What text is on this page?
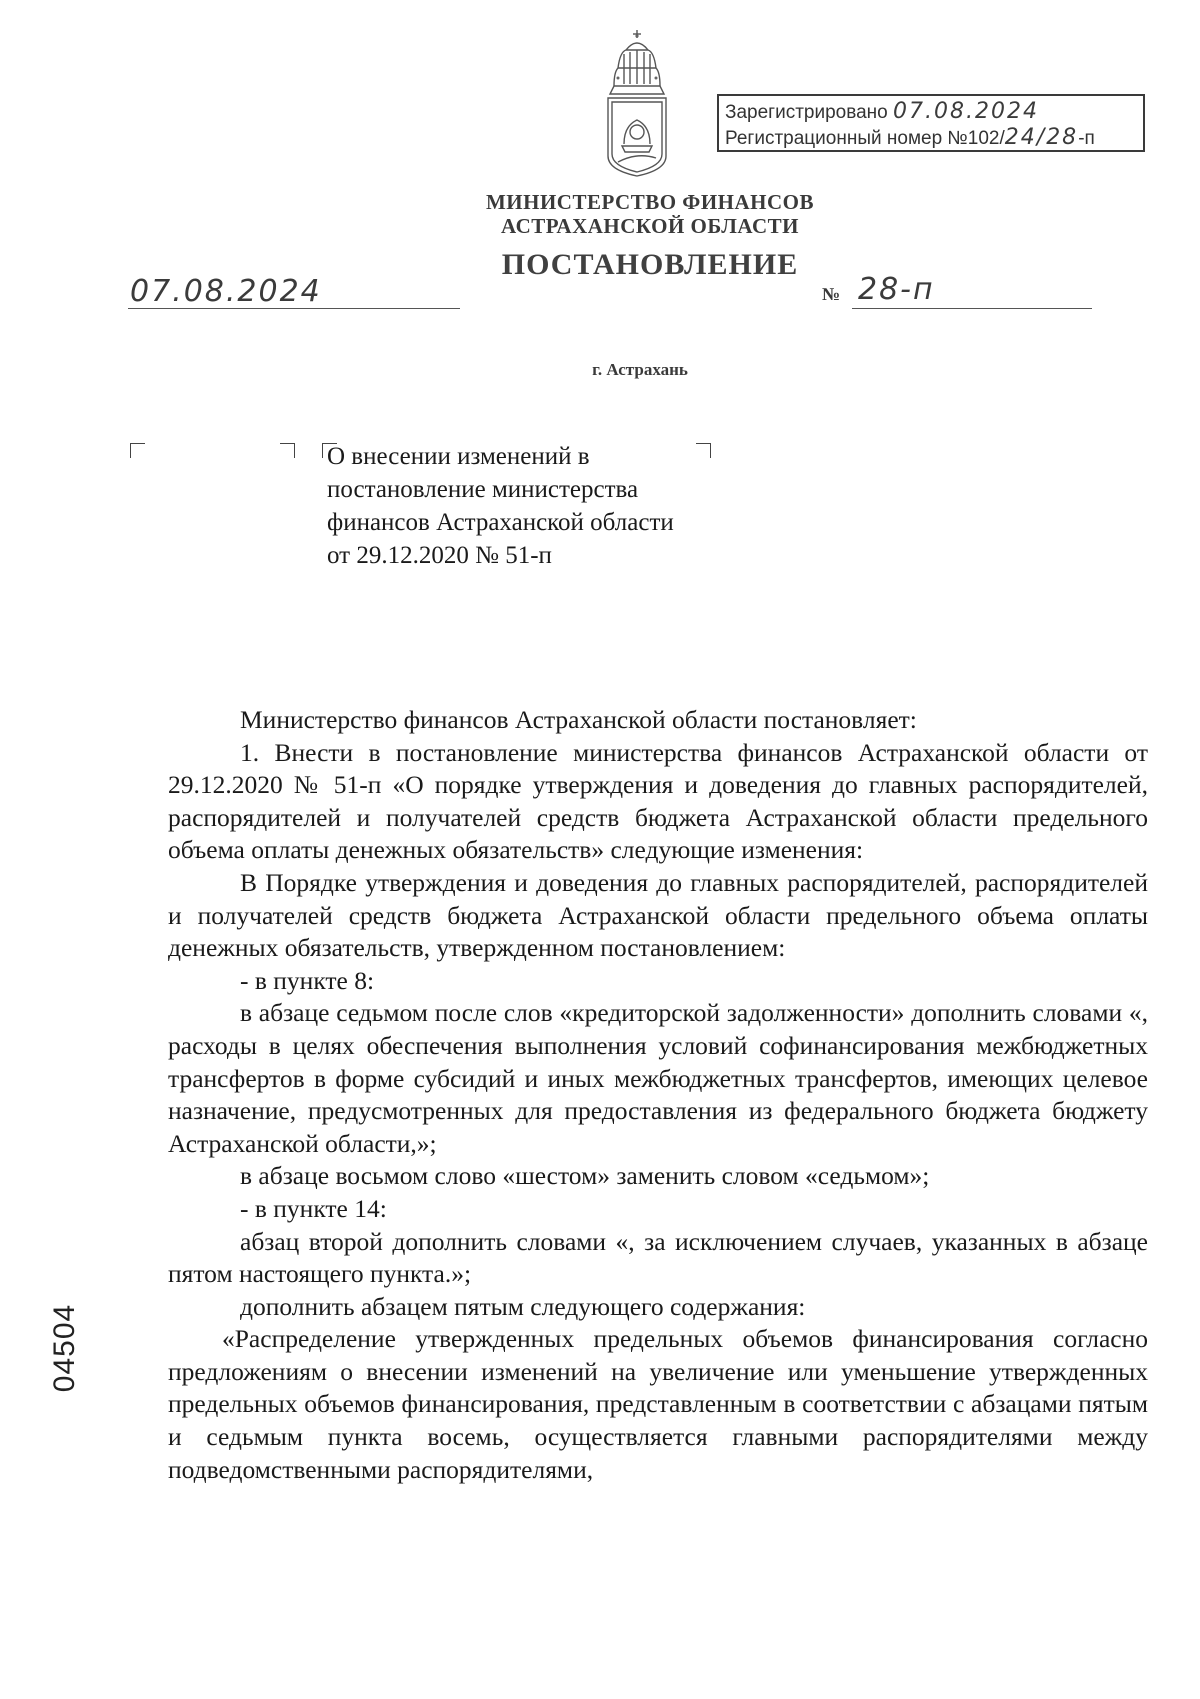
Зарегистрировано 07.08.2024
Регистрационный номер №102/24/28-п
МИНИСТЕРСТВО ФИНАНСОВ
АСТРАХАНСКОЙ ОБЛАСТИ
ПОСТАНОВЛЕНИЕ
07.08.2024	№ 28-п
г. Астрахань
О внесении изменений в
постановление министерства
финансов Астраханской области
от 29.12.2020 № 51-п

Министерство финансов Астраханской области постановляет:

1. Внести в постановление министерства финансов Астраханской области от 29.12.2020 № 51-п «О порядке утверждения и доведения до главных распорядителей, распорядителей и получателей средств бюджета Астраханской области предельного объема оплаты денежных обязательств» следующие изменения:

В Порядке утверждения и доведения до главных распорядителей, распорядителей и получателей средств бюджета Астраханской области предельного объема оплаты денежных обязательств, утвержденном постановлением:

- в пункте 8:

в абзаце седьмом после слов «кредиторской задолженности» дополнить словами «, расходы в целях обеспечения выполнения условий софинансирования межбюджетных трансфертов в форме субсидий и иных межбюджетных трансфертов, имеющих целевое назначение, предусмотренных для предоставления из федерального бюджета бюджету Астраханской области,»;

в абзаце восьмом слово «шестом» заменить словом «седьмом»;

- в пункте 14:

абзац второй дополнить словами «, за исключением случаев, указанных в абзаце пятом настоящего пункта.»;

дополнить абзацем пятым следующего содержания:

«Распределение утвержденных предельных объемов финансирования согласно предложениям о внесении изменений на увеличение или уменьшение утвержденных предельных объемов финансирования, представленным в соответствии с абзацами пятым и седьмым пункта восемь, осуществляется главными распорядителями между подведомственными распорядителями,

04504
